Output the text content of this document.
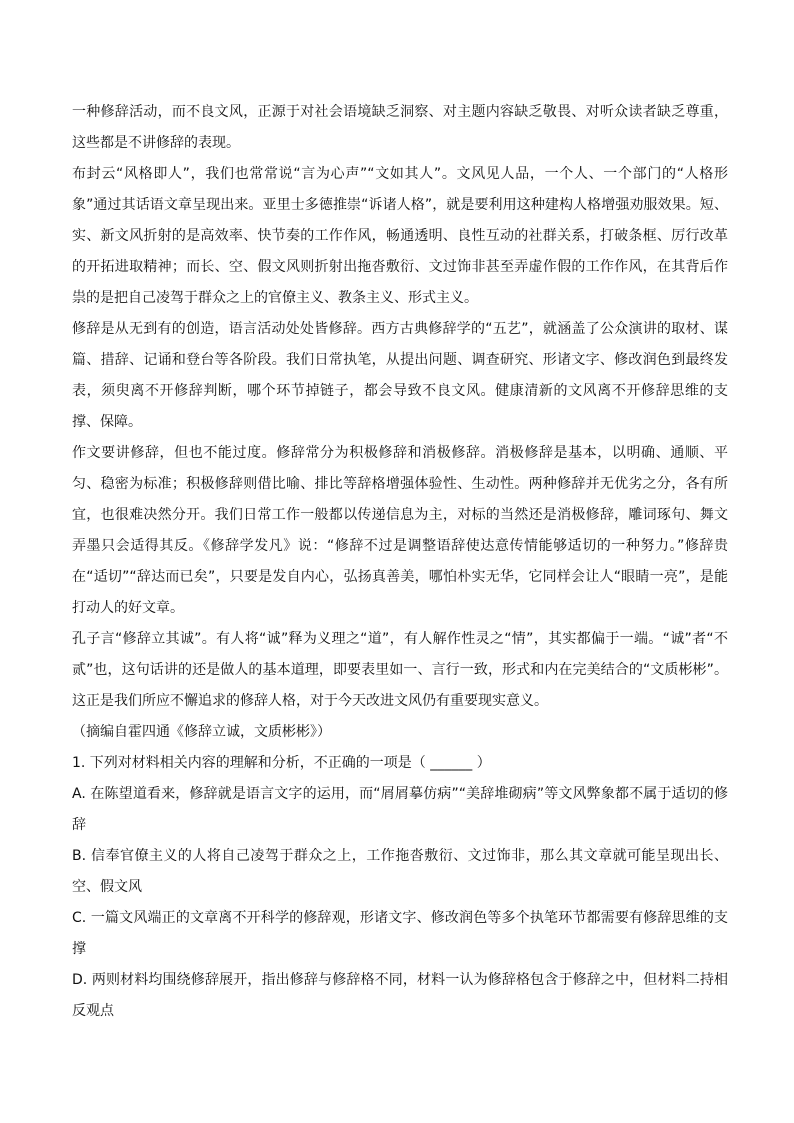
一种修辞活动，而不良文风，正源于对社会语境缺乏洞察、对主题内容缺乏敬畏、对听众读者缺乏尊重，这些都是不讲修辞的表现。

布封云“风格即人”，我们也常常说“言为心声”“文如其人”。文风见人品，一个人、一个部门的“人格形象”通过其话语文章呈现出来。亚里士多德推崇“诉诸人格”，就是要利用这种建构人格增强劝服效果。短、实、新文风折射的是高效率、快节奏的工作作风，畅通透明、良性互动的社群关系，打破条框、厉行改革的开拓进取精神；而长、空、假文风则折射出拖沓敷衍、文过饰非甚至弄虚作假的工作作风，在其背后作祟的是把自己凌驾于群众之上的官僚主义、教条主义、形式主义。

修辞是从无到有的创造，语言活动处处皆修辞。西方古典修辞学的“五艺”，就涵盖了公众演讲的取材、谋篇、措辞、记诵和登台等各阶段。我们日常执笔，从提出问题、调查研究、形诸文字、修改润色到最终发表，须臾离不开修辞判断，哪个环节掉链子，都会导致不良文风。健康清新的文风离不开修辞思维的支撑、保障。

作文要讲修辞，但也不能过度。修辞常分为积极修辞和消极修辞。消极修辞是基本，以明确、通顺、平匀、稳密为标准；积极修辞则借比喻、排比等辞格增强体验性、生动性。两种修辞并无优劣之分，各有所宜，也很难决然分开。我们日常工作一般都以传递信息为主，对标的当然还是消极修辞，雕词琢句、舞文弄墨只会适得其反。《修辞学发凡》说：“修辞不过是调整语辞使达意传情能够适切的一种努力。”修辞贵在“适切”“辞达而已矣”，只要是发自内心，弘扬真善美，哪怕朴实无华，它同样会让人“眼睛一亮”，是能打动人的好文章。

孔子言“修辞立其诚”。有人将“诚”释为义理之“道”，有人解作性灵之“情”，其实都偏于一端。“诚”者“不贰”也，这句话讲的还是做人的基本道理，即要表里如一、言行一致，形式和内在完美结合的“文质彬彬”。这正是我们所应不懈追求的修辞人格，对于今天改进文风仍有重要现实意义。

（摘编自霍四通《修辞立诚，文质彬彬》）

1. 下列对材料相关内容的理解和分析，不正确的一项是（ ______ ）

A. 在陈望道看来，修辞就是语言文字的运用，而“屑屑摹仿病”“美辞堆砌病”等文风弊象都不属于适切的修辞

B. 信奉官僚主义的人将自己凌驾于群众之上，工作拖沓敷衍、文过饰非，那么其文章就可能呈现出长、空、假文风

C. 一篇文风端正的文章离不开科学的修辞观，形诸文字、修改润色等多个执笔环节都需要有修辞思维的支撑

D. 两则材料均围绕修辞展开，指出修辞与修辞格不同，材料一认为修辞格包含于修辞之中，但材料二持相反观点
